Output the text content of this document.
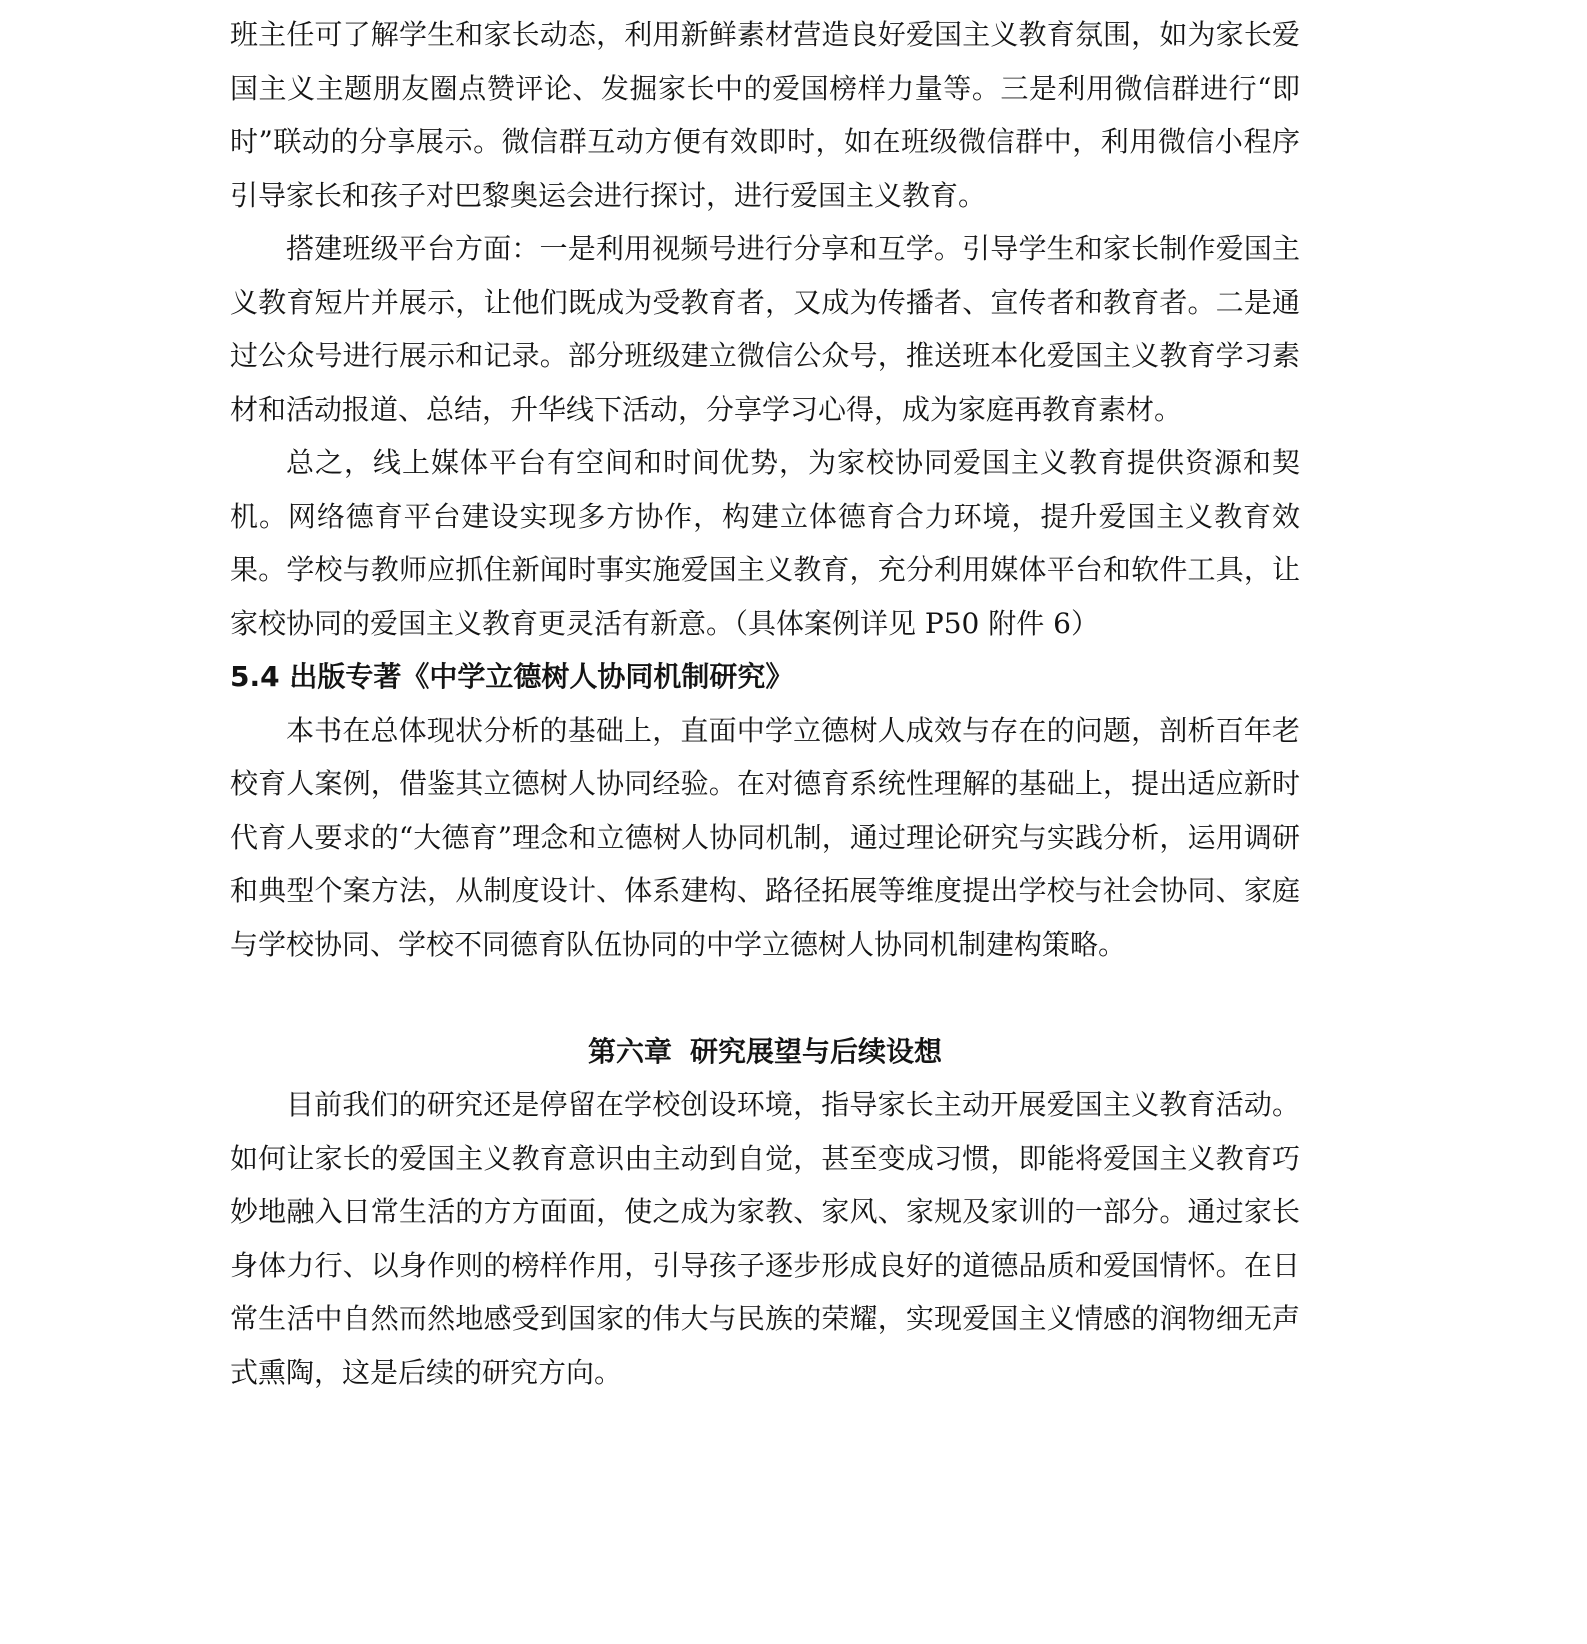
班主任可了解学生和家长动态，利用新鲜素材营造良好爱国主义教育氛围，如为家长爱国主义主题朋友圈点赞评论、发掘家长中的爱国榜样力量等。三是利用微信群进行“即时”联动的分享展示。微信群互动方便有效即时，如在班级微信群中，利用微信小程序引导家长和孩子对巴黎奥运会进行探讨，进行爱国主义教育。

搭建班级平台方面：一是利用视频号进行分享和互学。引导学生和家长制作爱国主义教育短片并展示，让他们既成为受教育者，又成为传播者、宣传者和教育者。二是通过公众号进行展示和记录。部分班级建立微信公众号，推送班本化爱国主义教育学习素材和活动报道、总结，升华线下活动，分享学习心得，成为家庭再教育素材。

总之，线上媒体平台有空间和时间优势，为家校协同爱国主义教育提供资源和契机。网络德育平台建设实现多方协作，构建立体德育合力环境，提升爱国主义教育效果。学校与教师应抓住新闻时事实施爱国主义教育，充分利用媒体平台和软件工具，让家校协同的爱国主义教育更灵活有新意。（具体案例详见 P50 附件 6）

5.4 出版专著《中学立德树人协同机制研究》

本书在总体现状分析的基础上，直面中学立德树人成效与存在的问题，剖析百年老校育人案例，借鉴其立德树人协同经验。在对德育系统性理解的基础上，提出适应新时代育人要求的“大德育”理念和立德树人协同机制，通过理论研究与实践分析，运用调研和典型个案方法，从制度设计、体系建构、路径拓展等维度提出学校与社会协同、家庭与学校协同、学校不同德育队伍协同的中学立德树人协同机制建构策略。

第六章 研究展望与后续设想

目前我们的研究还是停留在学校创设环境，指导家长主动开展爱国主义教育活动。如何让家长的爱国主义教育意识由主动到自觉，甚至变成习惯，即能将爱国主义教育巧妙地融入日常生活的方方面面，使之成为家教、家风、家规及家训的一部分。通过家长身体力行、以身作则的榜样作用，引导孩子逐步形成良好的道德品质和爱国情怀。在日常生活中自然而然地感受到国家的伟大与民族的荣耀，实现爱国主义情感的润物细无声式熏陶，这是后续的研究方向。
